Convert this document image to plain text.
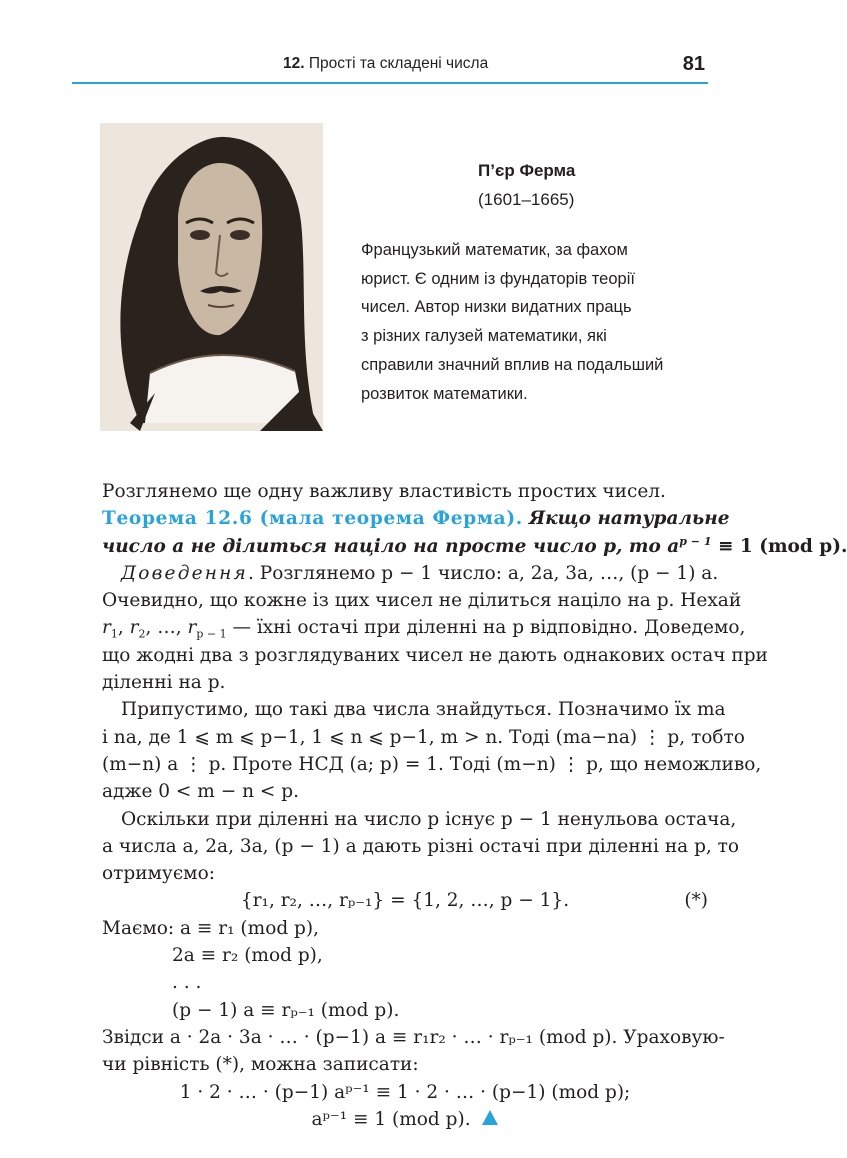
12. Прості та складені числа	81
П’єр Ферма
(1601–1665)
Французький математик, за фахом
юрист. Є одним із фундаторів теорії
чисел. Автор низки видатних праць
з різних галузей математики, які
справили значний вплив на подальший
розвиток математики.
Розглянемо ще одну важливу властивість простих чисел.
Теорема 12.6 (мала теорема Ферма). Якщо натуральне
число a не ділиться націло на просте число p, то $a^{p - 1} \equiv 1$ (mod p).
Доведення. Розглянемо p − 1 число: a, 2a, 3a, …, (p − 1) a.
Очевидно, що кожне із цих чисел не ділиться націло на p. Нехай
$r_1$, $r_2$, …, $r_{p - 1}$ — їхні остачі при діленні на p відповідно. Доведемо,
що жодні два з розглядуваних чисел не дають однакових остач при
діленні на p.
Припустимо, що такі два числа знайдуться. Позначимо їх ma
і na, де 1 ⩽ m ⩽ p−1, 1 ⩽ n ⩽ p−1, m > n. Тоді (ma−na) ⋮ p, тобто
(m−n) a ⋮ p. Проте НСД (a; p) = 1. Тоді (m−n) ⋮ p, що неможливо,
адже 0 < m − n < p.
Оскільки при діленні на число p існує p − 1 ненульова остача,
а числа a, 2a, 3a, (p − 1) a дають різні остачі при діленні на p, то
отримуємо:
{r₁, r₂, …, rₚ₋₁} = {1, 2, …, p − 1}.	(*)
Маємо: a ≡ r₁ (mod p),
2a ≡ r₂ (mod p),
. . .
(p − 1) a ≡ rₚ₋₁ (mod p).
Звідси a · 2a · 3a · … · (p−1) a ≡ r₁r₂ · … · rₚ₋₁ (mod p). Ураховую-
чи рівність (*), можна записати:
1 · 2 · … · (p−1) aᵖ⁻¹ ≡ 1 · 2 · … · (p−1) (mod p);
aᵖ⁻¹ ≡ 1 (mod p).
